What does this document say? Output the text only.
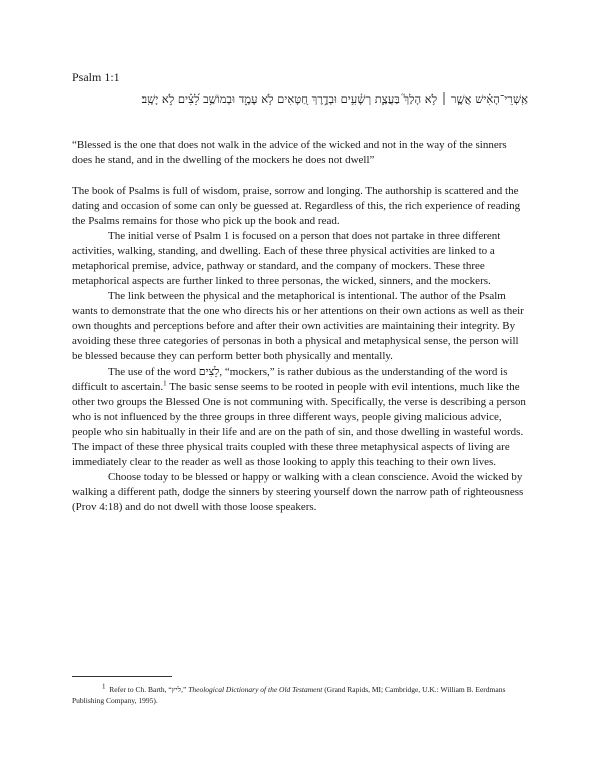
Psalm 1:1
אַֽשְׁרֵי־הָאִ֗ישׁ אֲשֶׁ֤ר ׀ לֹ֥א הָלַךְ֮ בַּעֲצַ֪ת רְשָׁ֫עִ֥ים וּבְדֶ֣רֶךְ חַ֭טָּאִים לֹ֥א עָמָ֑ד וּבְמוֹשַׁ֥ב לֵ֝צִ֗ים לֹ֣א יָשָֽׁב׃
“Blessed is the one that does not walk in the advice of the wicked and not in the way of the sinners does he stand, and in the dwelling of the mockers he does not dwell”

The book of Psalms is full of wisdom, praise, sorrow and longing. The authorship is scattered and the dating and occasion of some can only be guessed at. Regardless of this, the rich experience of reading the Psalms remains for those who pick up the book and read.

The initial verse of Psalm 1 is focused on a person that does not partake in three different activities, walking, standing, and dwelling. Each of these three physical activities are linked to a metaphorical premise, advice, pathway or standard, and the company of mockers. These three metaphorical aspects are further linked to three personas, the wicked, sinners, and the mockers.

The link between the physical and the metaphorical is intentional. The author of the Psalm wants to demonstrate that the one who directs his or her attentions on their own actions as well as their own thoughts and perceptions before and after their own activities are maintaining their integrity. By avoiding these three categories of personas in both a physical and metaphysical sense, the person will be blessed because they can perform better both physically and mentally.

The use of the word לֵצִים, “mockers,” is rather dubious as the understanding of the word is difficult to ascertain.$^1$ The basic sense seems to be rooted in people with evil intentions, much like the other two groups the Blessed One is not communing with. Specifically, the verse is describing a person who is not influenced by the three groups in three different ways, people giving malicious advice, people who sin habitually in their life and are on the path of sin, and those dwelling in wasteful words. The impact of these three physical traits coupled with these three metaphysical aspects of living are immediately clear to the reader as well as those looking to apply this teaching to their own lives.

Choose today to be blessed or happy or walking with a clean conscience. Avoid the wicked by walking a different path, dodge the sinners by steering yourself down the narrow path of righteousness (Prov 4:18) and do not dwell with those loose speakers.

$^1$ Refer to Ch. Barth, “ליץ,” Theological Dictionary of the Old Testament (Grand Rapids, MI; Cambridge, U.K.: William B. Eerdmans Publishing Company, 1995).
